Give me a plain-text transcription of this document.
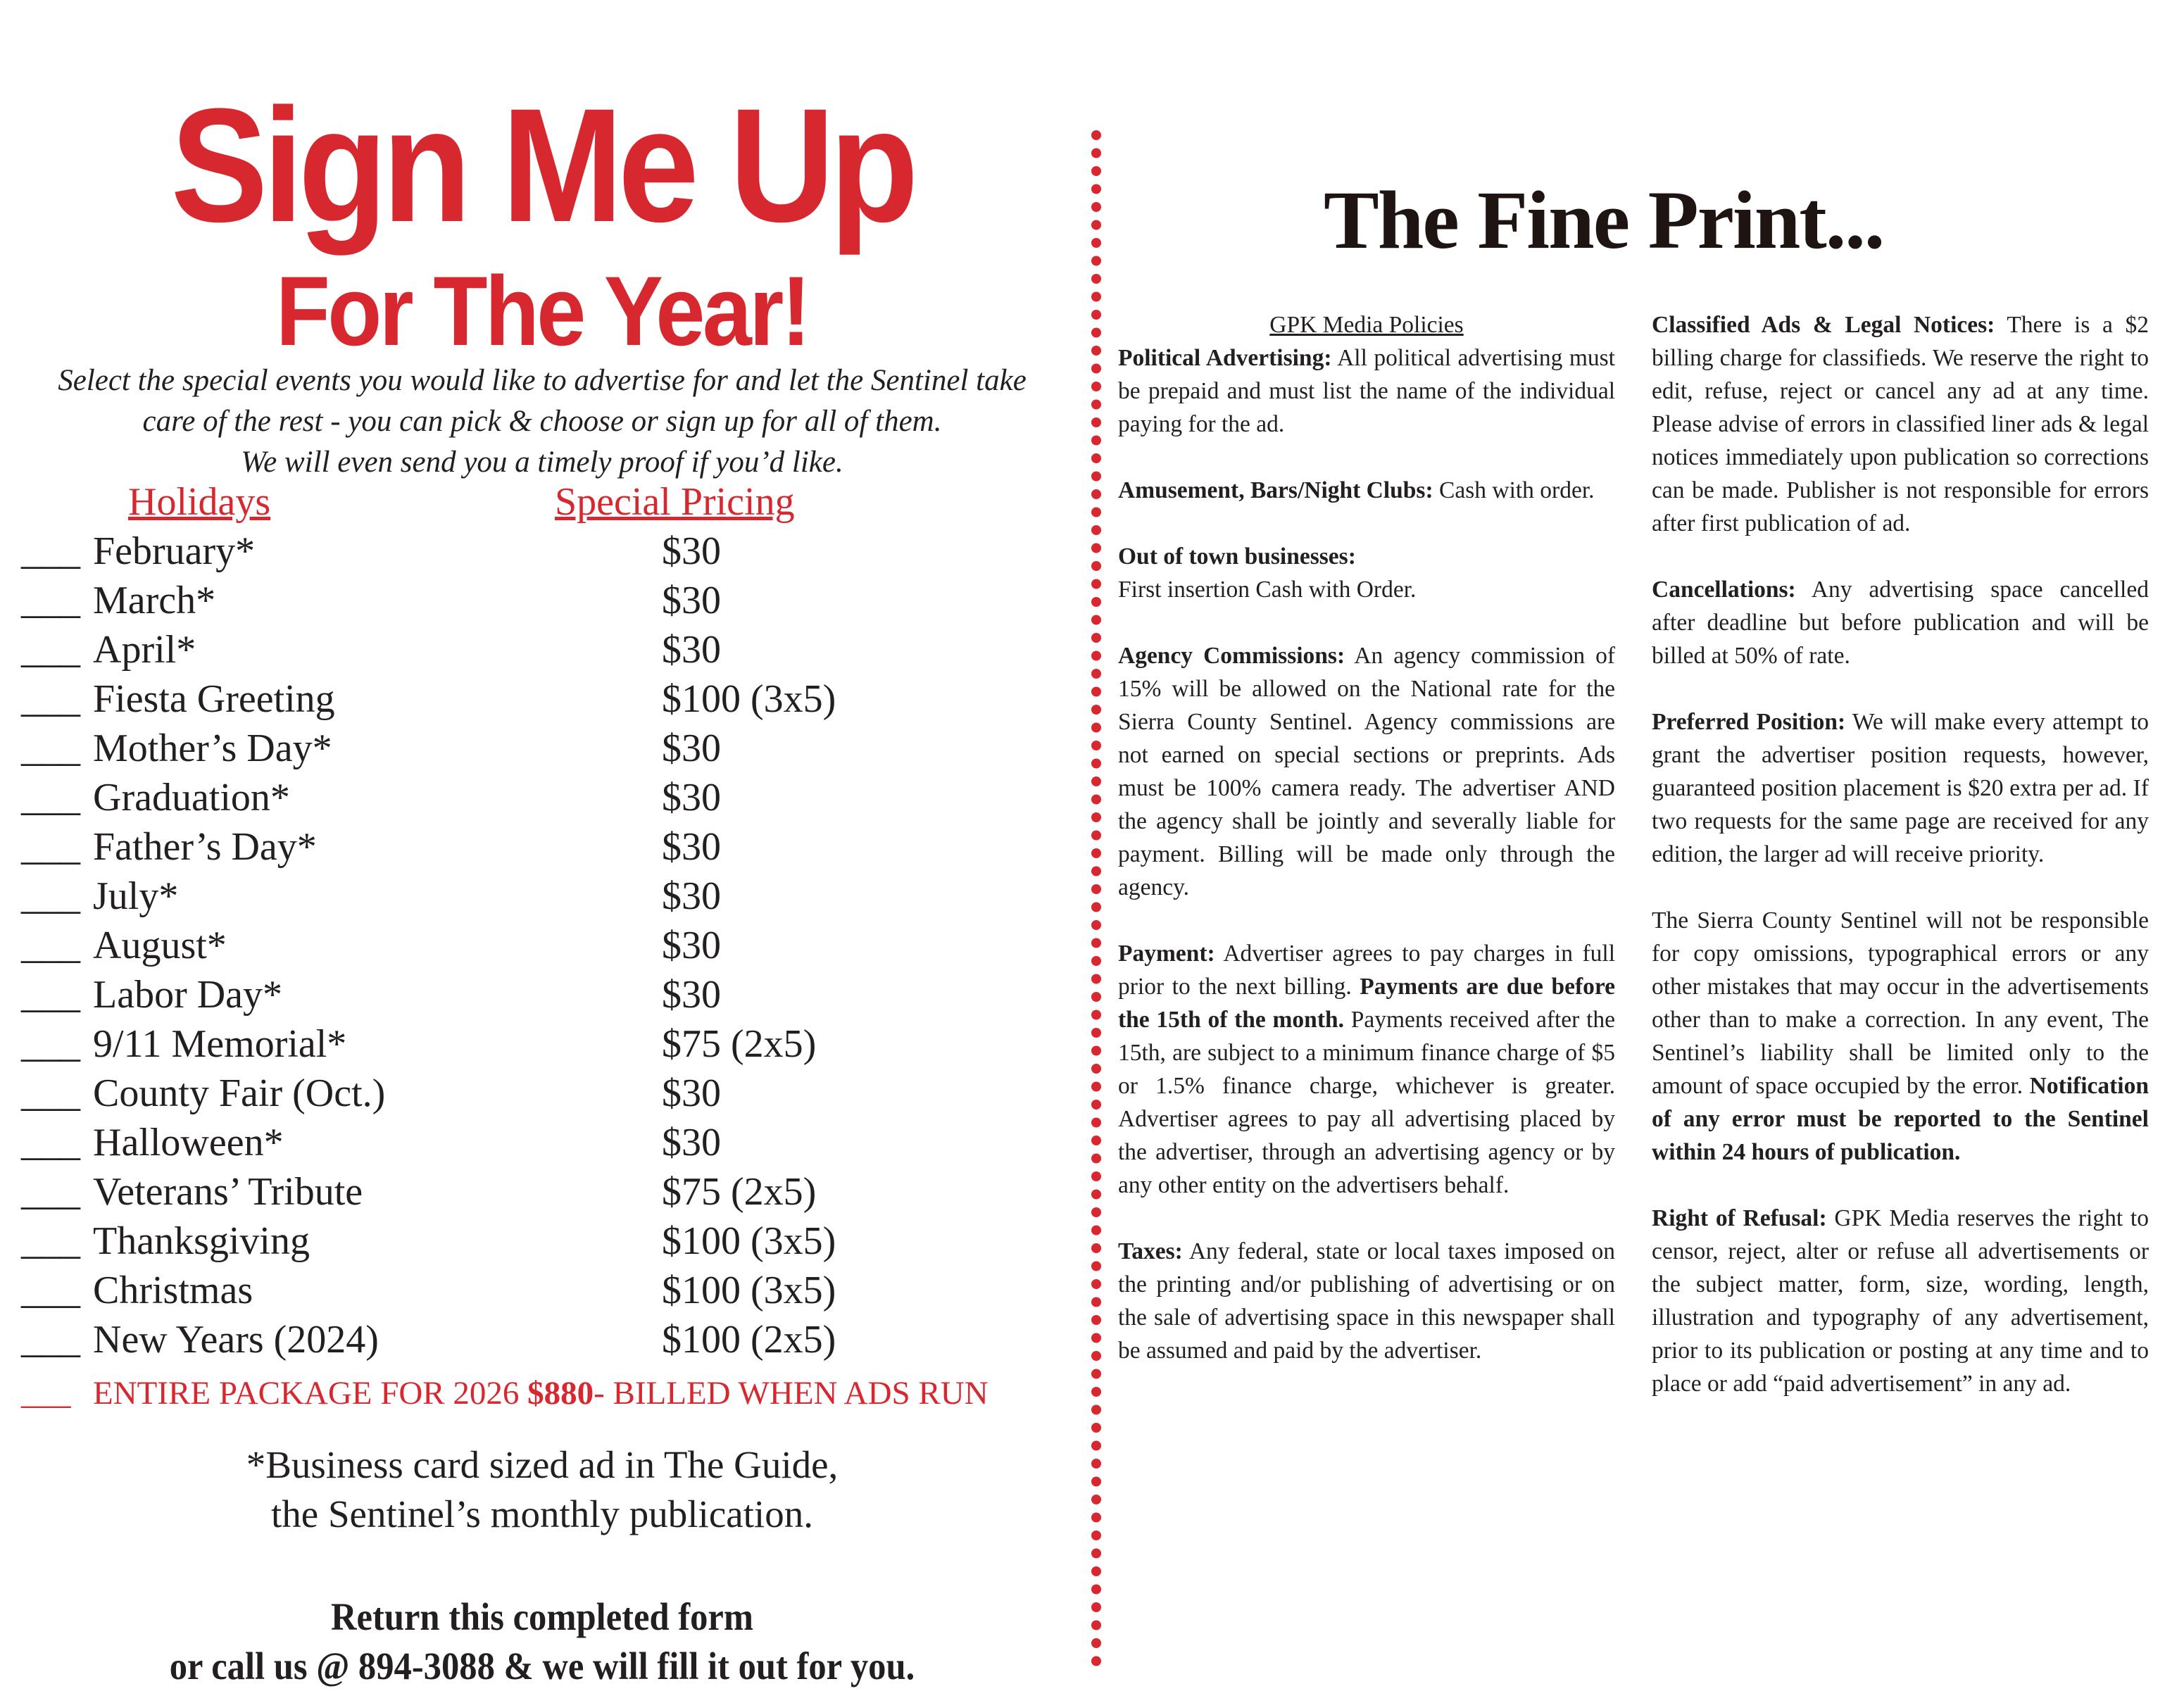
Sign Me Up
For The Year!
Select the special events you would like to advertise for and let the Sentinel take
care of the rest - you can pick & choose or sign up for all of them.
We will even send you a timely proof if you’d like.
Holidays	Special Pricing
___ February*	$30
___ March*	$30
___ April*	$30
___ Fiesta Greeting	$100 (3x5)
___ Mother’s Day*	$30
___ Graduation*	$30
___ Father’s Day*	$30
___ July*	$30
___ August*	$30
___ Labor Day*	$30
___ 9/11 Memorial*	$75 (2x5)
___ County Fair (Oct.)	$30
___ Halloween*	$30
___ Veterans’ Tribute	$75 (2x5)
___ Thanksgiving	$100 (3x5)
___ Christmas	$100 (3x5)
___ New Years (2024)	$100 (2x5)
___ ENTIRE PACKAGE FOR 2026 $880- BILLED WHEN ADS RUN
*Business card sized ad in The Guide,
the Sentinel’s monthly publication.
Return this completed form
or call us @ 894-3088 & we will fill it out for you.
The Fine Print...

GPK Media Policies

Political Advertising: All political advertising must be prepaid and must list the name of the individual paying for the ad.

Amusement, Bars/Night Clubs: Cash with order.

Out of town businesses:
First insertion Cash with Order.

Agency Commissions: An agency commission of 15% will be allowed on the National rate for the Sierra County Sentinel. Agency commissions are not earned on special sections or preprints. Ads must be 100% camera ready. The advertiser AND the agency shall be jointly and severally liable for payment. Billing will be made only through the agency.

Payment: Advertiser agrees to pay charges in full prior to the next billing. Payments are due before the 15th of the month. Payments received after the 15th, are subject to a minimum finance charge of $5 or 1.5% finance charge, whichever is greater. Advertiser agrees to pay all advertising placed by the advertiser, through an advertising agency or by any other entity on the advertisers behalf.

Taxes: Any federal, state or local taxes imposed on the printing and/or publishing of advertising or on the sale of advertising space in this newspaper shall be assumed and paid by the advertiser.

Classified Ads & Legal Notices: There is a $2 billing charge for classifieds. We reserve the right to edit, refuse, reject or cancel any ad at any time. Please advise of errors in classified liner ads & legal notices immediately upon publication so corrections can be made. Publisher is not responsible for errors after first publication of ad.

Cancellations: Any advertising space cancelled after deadline but before publication and will be billed at 50% of rate.

Preferred Position: We will make every attempt to grant the advertiser position requests, however, guaranteed position placement is $20 extra per ad. If two requests for the same page are received for any edition, the larger ad will receive priority.

The Sierra County Sentinel will not be responsible for copy omissions, typographical errors or any other mistakes that may occur in the advertisements other than to make a correction. In any event, The Sentinel’s liability shall be limited only to the amount of space occupied by the error. Notification of any error must be reported to the Sentinel within 24 hours of publication.

Right of Refusal: GPK Media reserves the right to censor, reject, alter or refuse all advertisements or the subject matter, form, size, wording, length, illustration and typography of any advertisement, prior to its publication or posting at any time and to place or add “paid advertisement” in any ad.
